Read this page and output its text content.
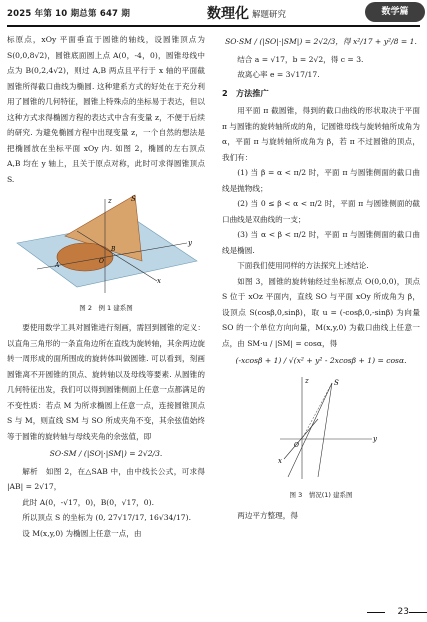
2025 年第 10 期总第 647 期	数理化 解题研究	数学篇

标原点，xOy 平面垂直于圆锥的轴线，设圆锥顶点为 S(0,0,8√2)，圆锥底面圆上点 A(0，-4，0)，圆锥母线中点为 B(0,2,4√2)，则过 A,B 两点且平行于 x 轴的平面截圆锥所得截口曲线为椭圆. 这种建系方式的好处在于充分利用了圆锥的几何特征，圆锥上特殊点的坐标易于表达，但以这种方式求得椭圆方程的表达式中含有变量 z，不便于后续的研究. 为避免椭圆方程中出现变量 z，一个自然的想法是把椭圆放在坐标平面 xOy 内. 如图 2，椭圆的左右顶点 A,B 均在 y 轴上，且关于原点对称，此时可求得圆锥顶点 S.

S
z
y
x
O
A
B
图 2　例 1 建系图

要使用数学工具对圆锥进行刻画，需回到圆锥的定义：以直角三角形的一条直角边所在直线为旋转轴，其余两边旋转一周形成的面所围成的旋转体叫做圆锥. 可以看到，刻画圆锥离不开圆锥的顶点、旋转轴以及母线等要素. 从圆锥的几何特征出发，我们可以得到圆锥侧面上任意一点都满足的不变性质：若点 M 为所求椭圆上任意一点，连接圆锥顶点 S 与 M，则直线 SM 与 SO 所成夹角不变，其余弦值始终等于圆锥的旋转轴与母线夹角的余弦值，即

SO·SM / (|SO|·|SM|) = 2√2/3.

解析　如图 2，在△SAB 中，由中线长公式，可求得 |AB| = 2√17，

此时 A(0，-√17，0)，B(0，√17，0).

所以顶点 S 的坐标为 (0, 27√17/17, 16√34/17).

设 M(x,y,0) 为椭圆上任意一点，由

SO·SM / (|SO|·|SM|) = 2√2/3，得 x²/17 + y²/8 = 1.

结合 a = √17，b = 2√2，得 c = 3.

故离心率 e = 3√17/17.

2　方法推广

用平面 π 截圆锥，得到的截口曲线的形状取决于平面 π 与圆锥的旋转轴所成的角，记圆锥母线与旋转轴所成角为 α，平面 π 与旋转轴所成角为 β，若 π 不过圆锥的顶点，我们有：

(1) 当 β = α < π/2 时，平面 π 与圆锥侧面的截口曲线是抛物线；

(2) 当 0 ≤ β < α < π/2 时，平面 π 与圆锥侧面的截口曲线是双曲线的一支；

(3) 当 α < β < π/2 时，平面 π 与圆锥侧面的截口曲线是椭圆.

下面我们使用同样的方法探究上述结论.

如图 3，圆锥的旋转轴经过坐标原点 O(0,0,0)，顶点 S 位于 xOz 平面内，直线 SO 与平面 xOy 所成角为 β，设顶点 S(cosβ,0,sinβ)，取 u = (-cosβ,0,-sinβ) 为向量 SO 的一个单位方向向量，M(x,y,0) 为截口曲线上任意一点，由 SM·u / |SM| = cosα，得

(-xcosβ + 1) / √(x² + y² - 2xcosβ + 1) = cosα.
S
z
y
x
O
图 3　情况(1) 建系图

两边平方整理，得

23
